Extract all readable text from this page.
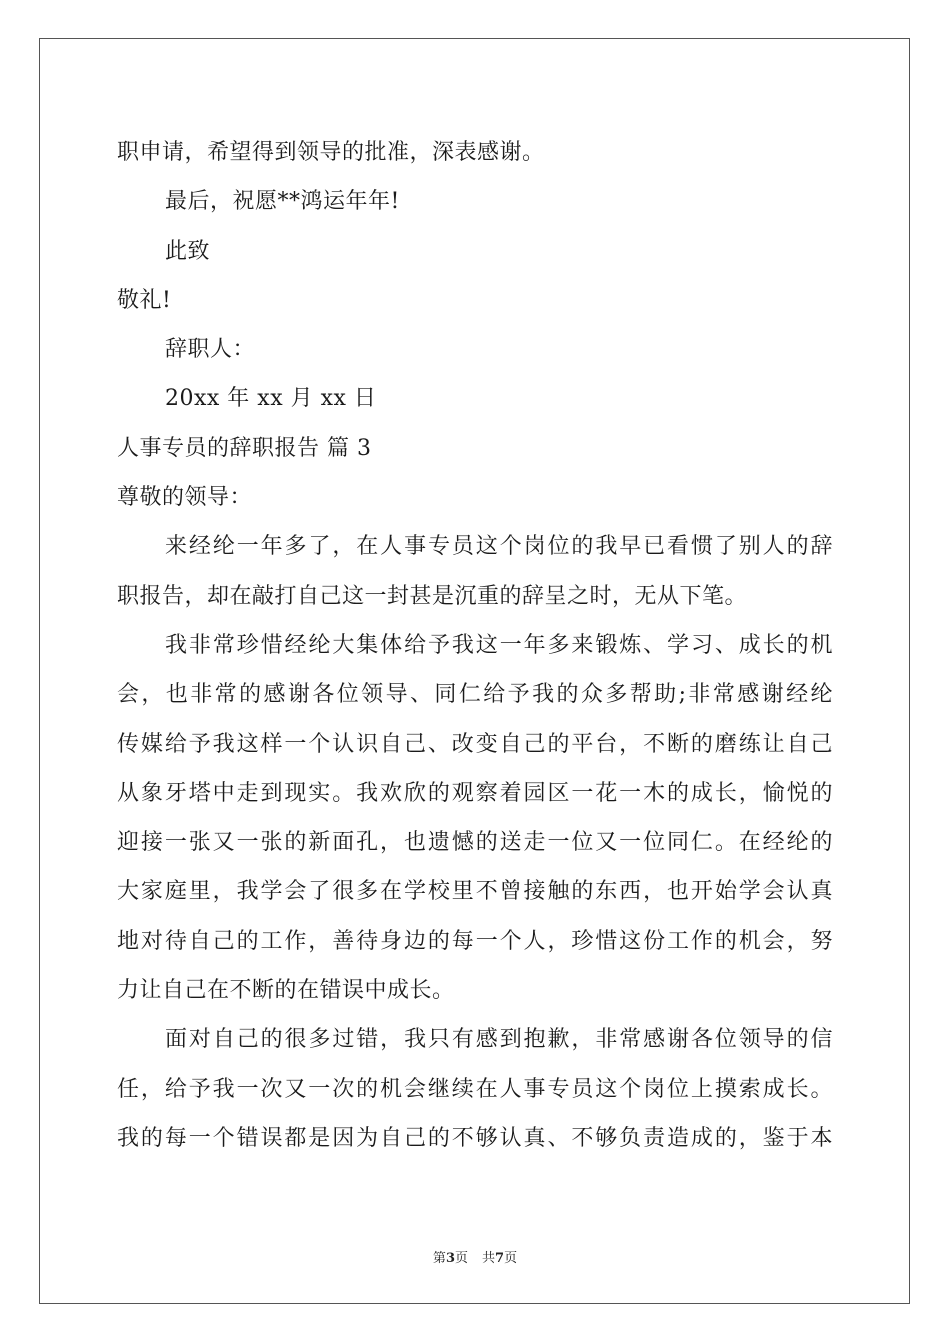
职申请，希望得到领导的批准，深表感谢。
最后，祝愿**鸿运年年!
此致
敬礼!
辞职人：
20xx 年 xx 月 xx 日
人事专员的辞职报告 篇 3
尊敬的领导：
来经纶一年多了，在人事专员这个岗位的我早已看惯了别人的辞
职报告，却在敲打自己这一封甚是沉重的辞呈之时，无从下笔。
我非常珍惜经纶大集体给予我这一年多来锻炼、学习、成长的机
会，也非常的感谢各位领导、同仁给予我的众多帮助;非常感谢经纶
传媒给予我这样一个认识自己、改变自己的平台，不断的磨练让自己
从象牙塔中走到现实。我欢欣的观察着园区一花一木的成长，愉悦的
迎接一张又一张的新面孔，也遗憾的送走一位又一位同仁。在经纶的
大家庭里，我学会了很多在学校里不曾接触的东西，也开始学会认真
地对待自己的工作，善待身边的每一个人，珍惜这份工作的机会，努
力让自己在不断的在错误中成长。
面对自己的很多过错，我只有感到抱歉，非常感谢各位领导的信
任，给予我一次又一次的机会继续在人事专员这个岗位上摸索成长。
我的每一个错误都是因为自己的不够认真、不够负责造成的，鉴于本
第3页 共7页
